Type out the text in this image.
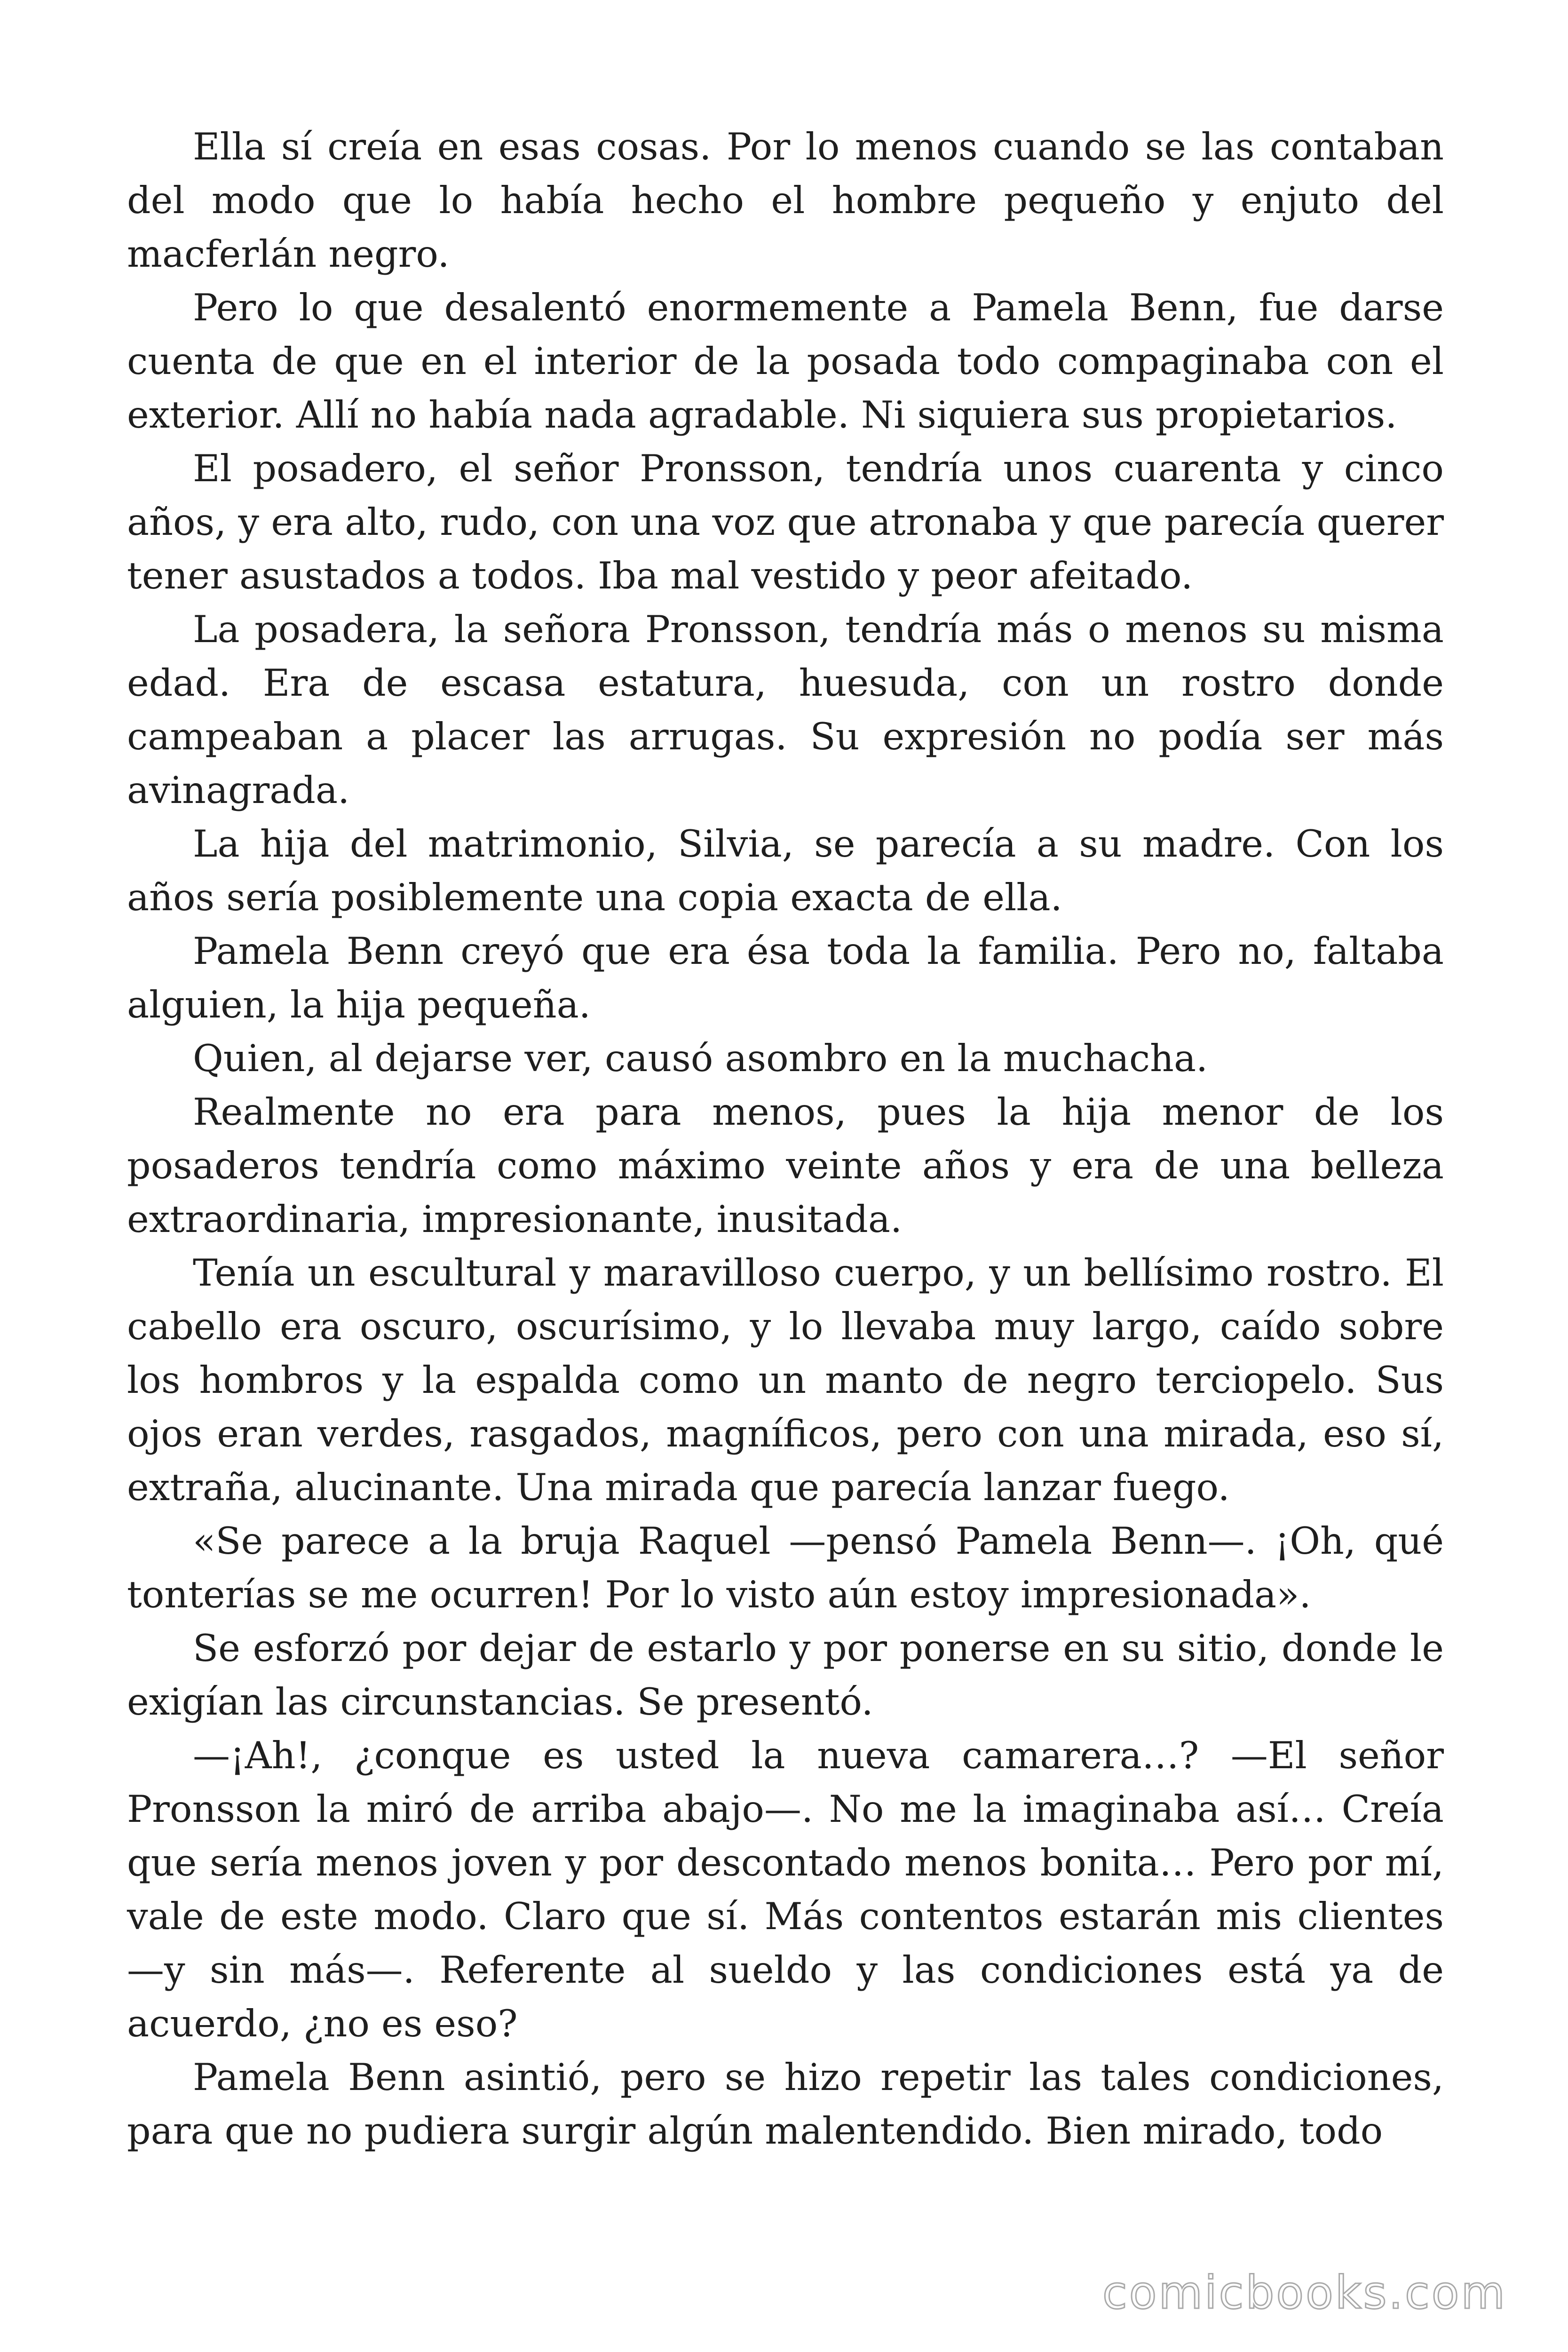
Ella sí creía en esas cosas. Por lo menos cuando se las contaban del modo que lo había hecho el hombre pequeño y enjuto del macferlán negro.

Pero lo que desalentó enormemente a Pamela Benn, fue darse cuenta de que en el interior de la posada todo compaginaba con el exterior. Allí no había nada agradable. Ni siquiera sus propietarios.

El posadero, el señor Pronsson, tendría unos cuarenta y cinco años, y era alto, rudo, con una voz que atronaba y que parecía querer tener asustados a todos. Iba mal vestido y peor afeitado.

La posadera, la señora Pronsson, tendría más o menos su misma edad. Era de escasa estatura, huesuda, con un rostro donde campeaban a placer las arrugas. Su expresión no podía ser más avinagrada.

La hija del matrimonio, Silvia, se parecía a su madre. Con los años sería posiblemente una copia exacta de ella.

Pamela Benn creyó que era ésa toda la familia. Pero no, faltaba alguien, la hija pequeña.

Quien, al dejarse ver, causó asombro en la muchacha.

Realmente no era para menos, pues la hija menor de los posaderos tendría como máximo veinte años y era de una belleza extraordinaria, impresionante, inusitada.

Tenía un escultural y maravilloso cuerpo, y un bellísimo rostro. El cabello era oscuro, oscurísimo, y lo llevaba muy largo, caído sobre los hombros y la espalda como un manto de negro terciopelo. Sus ojos eran verdes, rasgados, magníficos, pero con una mirada, eso sí, extraña, alucinante. Una mirada que parecía lanzar fuego.

«Se parece a la bruja Raquel —pensó Pamela Benn—. ¡Oh, qué tonterías se me ocurren! Por lo visto aún estoy impresionada».

Se esforzó por dejar de estarlo y por ponerse en su sitio, donde le exigían las circunstancias. Se presentó.

—¡Ah!, ¿conque es usted la nueva camarera…? —El señor Pronsson la miró de arriba abajo—. No me la imaginaba así… Creía que sería menos joven y por descontado menos bonita… Pero por mí, vale de este modo. Claro que sí. Más contentos estarán mis clientes —y sin más—. Referente al sueldo y las condiciones está ya de acuerdo, ¿no es eso?

Pamela Benn asintió, pero se hizo repetir las tales condiciones, para que no pudiera surgir algún malentendido. Bien mirado, todo

comicbooks.com
